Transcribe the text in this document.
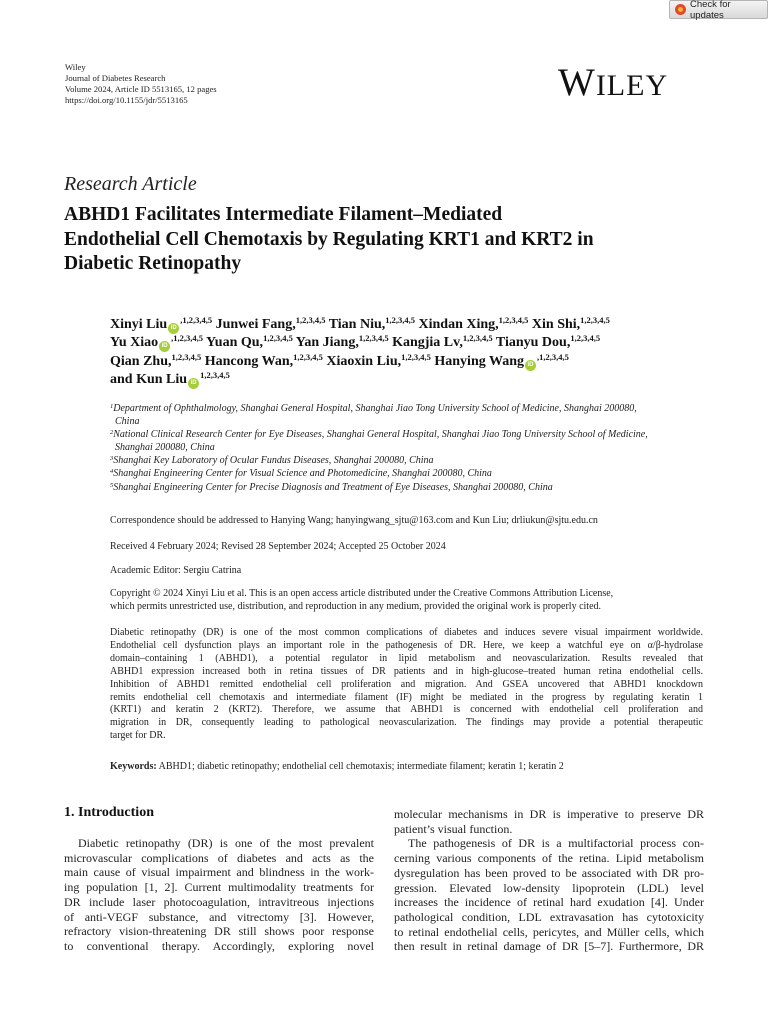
Check for updates
Wiley
Journal of Diabetes Research
Volume 2024, Article ID 5513165, 12 pages
https://doi.org/10.1155/jdr/5513165	WILEY
Research Article
ABHD1 Facilitates Intermediate Filament–Mediated
Endothelial Cell Chemotaxis by Regulating KRT1 and KRT2 in
Diabetic Retinopathy
Xinyi Liu $iD^{,1,2,3,4,5}$ Junwei Fang,$^{1,2,3,4,5}$ Tian Niu,$^{1,2,3,4,5}$ Xindan Xing,$^{1,2,3,4,5}$ Xin Shi,$^{1,2,3,4,5}$
Yu Xiao $iD^{,1,2,3,4,5}$ Yuan Qu,$^{1,2,3,4,5}$ Yan Jiang,$^{1,2,3,4,5}$ Kangjia Lv,$^{1,2,3,4,5}$ Tianyu Dou,$^{1,2,3,4,5}$
Qian Zhu,$^{1,2,3,4,5}$ Hancong Wan,$^{1,2,3,4,5}$ Xiaoxin Liu,$^{1,2,3,4,5}$ Hanying Wang $iD^{,1,2,3,4,5}$
and Kun Liu iD$^{1,2,3,4,5}$
$^1$Department of Ophthalmology, Shanghai General Hospital, Shanghai Jiao Tong University School of Medicine, Shanghai 200080,
China
$^2$National Clinical Research Center for Eye Diseases, Shanghai General Hospital, Shanghai Jiao Tong University School of Medicine,
Shanghai 200080, China
$^3$Shanghai Key Laboratory of Ocular Fundus Diseases, Shanghai 200080, China
$^4$Shanghai Engineering Center for Visual Science and Photomedicine, Shanghai 200080, China
$^5$Shanghai Engineering Center for Precise Diagnosis and Treatment of Eye Diseases, Shanghai 200080, China
Correspondence should be addressed to Hanying Wang; hanyingwang_sjtu@163.com and Kun Liu; drliukun@sjtu.edu.cn
Received 4 February 2024; Revised 28 September 2024; Accepted 25 October 2024
Academic Editor: Sergiu Catrina
Copyright © 2024 Xinyi Liu et al. This is an open access article distributed under the Creative Commons Attribution License,
which permits unrestricted use, distribution, and reproduction in any medium, provided the original work is properly cited.
Diabetic retinopathy (DR) is one of the most common complications of diabetes and induces severe visual impairment worldwide.
Endothelial cell dysfunction plays an important role in the pathogenesis of DR. Here, we keep a watchful eye on α/β-hydrolase
domain–containing 1 (ABHD1), a potential regulator in lipid metabolism and neovascularization. Results revealed that
ABHD1 expression increased both in retina tissues of DR patients and in high-glucose–treated human retina endothelial cells.
Inhibition of ABHD1 remitted endothelial cell proliferation and migration. And GSEA uncovered that ABHD1 knockdown
remits endothelial cell chemotaxis and intermediate filament (IF) might be mediated in the progress by regulating keratin 1
(KRT1) and keratin 2 (KRT2). Therefore, we assume that ABHD1 is concerned with endothelial cell proliferation and
migration in DR, consequently leading to pathological neovascularization. The findings may provide a potential therapeutic
target for DR.
Keywords: ABHD1; diabetic retinopathy; endothelial cell chemotaxis; intermediate filament; keratin 1; keratin 2
1. Introduction
Diabetic retinopathy (DR) is one of the most prevalent
microvascular complications of diabetes and acts as the
main cause of visual impairment and blindness in the work-
ing population [1, 2]. Current multimodality treatments for
DR include laser photocoagulation, intravitreous injections
of anti-VEGF substance, and vitrectomy [3]. However,
refractory vision-threatening DR still shows poor response
to conventional therapy. Accordingly, exploring novel
molecular mechanisms in DR is imperative to preserve DR
patient’s visual function.
The pathogenesis of DR is a multifactorial process con-
cerning various components of the retina. Lipid metabolism
dysregulation has been proved to be associated with DR pro-
gression. Elevated low-density lipoprotein (LDL) level
increases the incidence of retinal hard exudation [4]. Under
pathological condition, LDL extravasation has cytotoxicity
to retinal endothelial cells, pericytes, and Müller cells, which
then result in retinal damage of DR [5–7]. Furthermore, DR
